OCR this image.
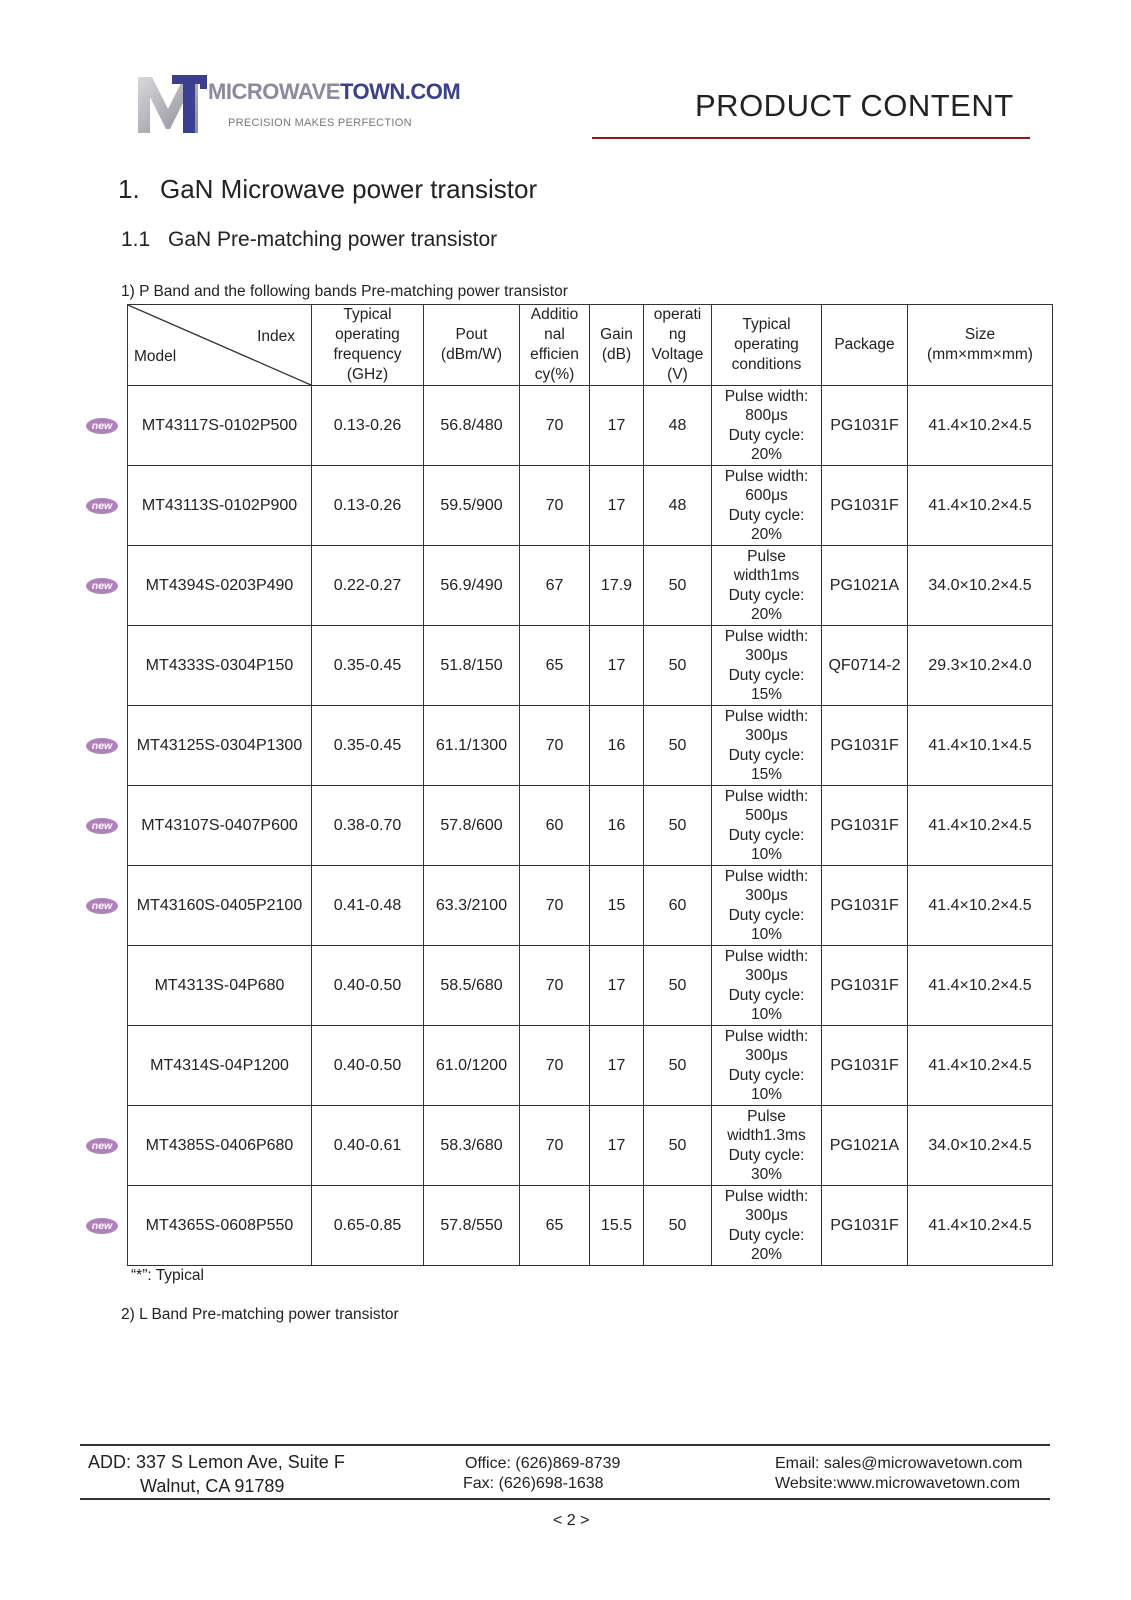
MICROWAVETOWN.COM
PRECISION MAKES PERFECTION	PRODUCT CONTENT
1. GaN Microwave power transistor
1.1 GaN Pre-matching power transistor
1) P Band and the following bands Pre-matching power transistor
Index
Model	Typical
operating
frequency
(GHz)	Pout
(dBm/W)	Additio
nal
efficien
cy(%)	Gain
(dB)	operati
ng
Voltage
(V)	Typical
operating
conditions	Package	Size
(mm×mm×mm)

new MT43117S-0102P500	0.13-0.26	56.8/480	70	17	48	Pulse width:
800μs
Duty cycle:
20%	PG1031F	41.4×10.2×4.5

new MT43113S-0102P900	0.13-0.26	59.5/900	70	17	48	Pulse width:
600μs
Duty cycle:
20%	PG1031F	41.4×10.2×4.5

new MT4394S-0203P490	0.22-0.27	56.9/490	67	17.9	50	Pulse
width1ms
Duty cycle:
20%	PG1021A	34.0×10.2×4.5
MT4333S-0304P150	0.35-0.45	51.8/150	65	17	50	Pulse width:
300μs
Duty cycle:
15%	QF0714-2	29.3×10.2×4.0

new MT43125S-0304P1300	0.35-0.45	61.1/1300	70	16	50	Pulse width:
300μs
Duty cycle:
15%	PG1031F	41.4×10.1×4.5

new MT43107S-0407P600	0.38-0.70	57.8/600	60	16	50	Pulse width:
500μs
Duty cycle:
10%	PG1031F	41.4×10.2×4.5

new MT43160S-0405P2100	0.41-0.48	63.3/2100	70	15	60	Pulse width:
300μs
Duty cycle:
10%	PG1031F	41.4×10.2×4.5
MT4313S-04P680	0.40-0.50	58.5/680	70	17	50	Pulse width:
300μs
Duty cycle:
10%	PG1031F	41.4×10.2×4.5
MT4314S-04P1200	0.40-0.50	61.0/1200	70	17	50	Pulse width:
300μs
Duty cycle:
10%	PG1031F	41.4×10.2×4.5

new MT4385S-0406P680	0.40-0.61	58.3/680	70	17	50	Pulse
width1.3ms
Duty cycle:
30%	PG1021A	34.0×10.2×4.5

new MT4365S-0608P550	0.65-0.85	57.8/550	65	15.5	50	Pulse width:
300μs
Duty cycle:
20%	PG1031F	41.4×10.2×4.5
“*”: Typical
2) L Band Pre-matching power transistor
ADD: 337 S Lemon Ave, Suite F
Walnut, CA 91789
Office: (626)869-8739
Fax: (626)698-1638
Email: sales@microwavetown.com
Website:www.microwavetown.com
< 2 >
